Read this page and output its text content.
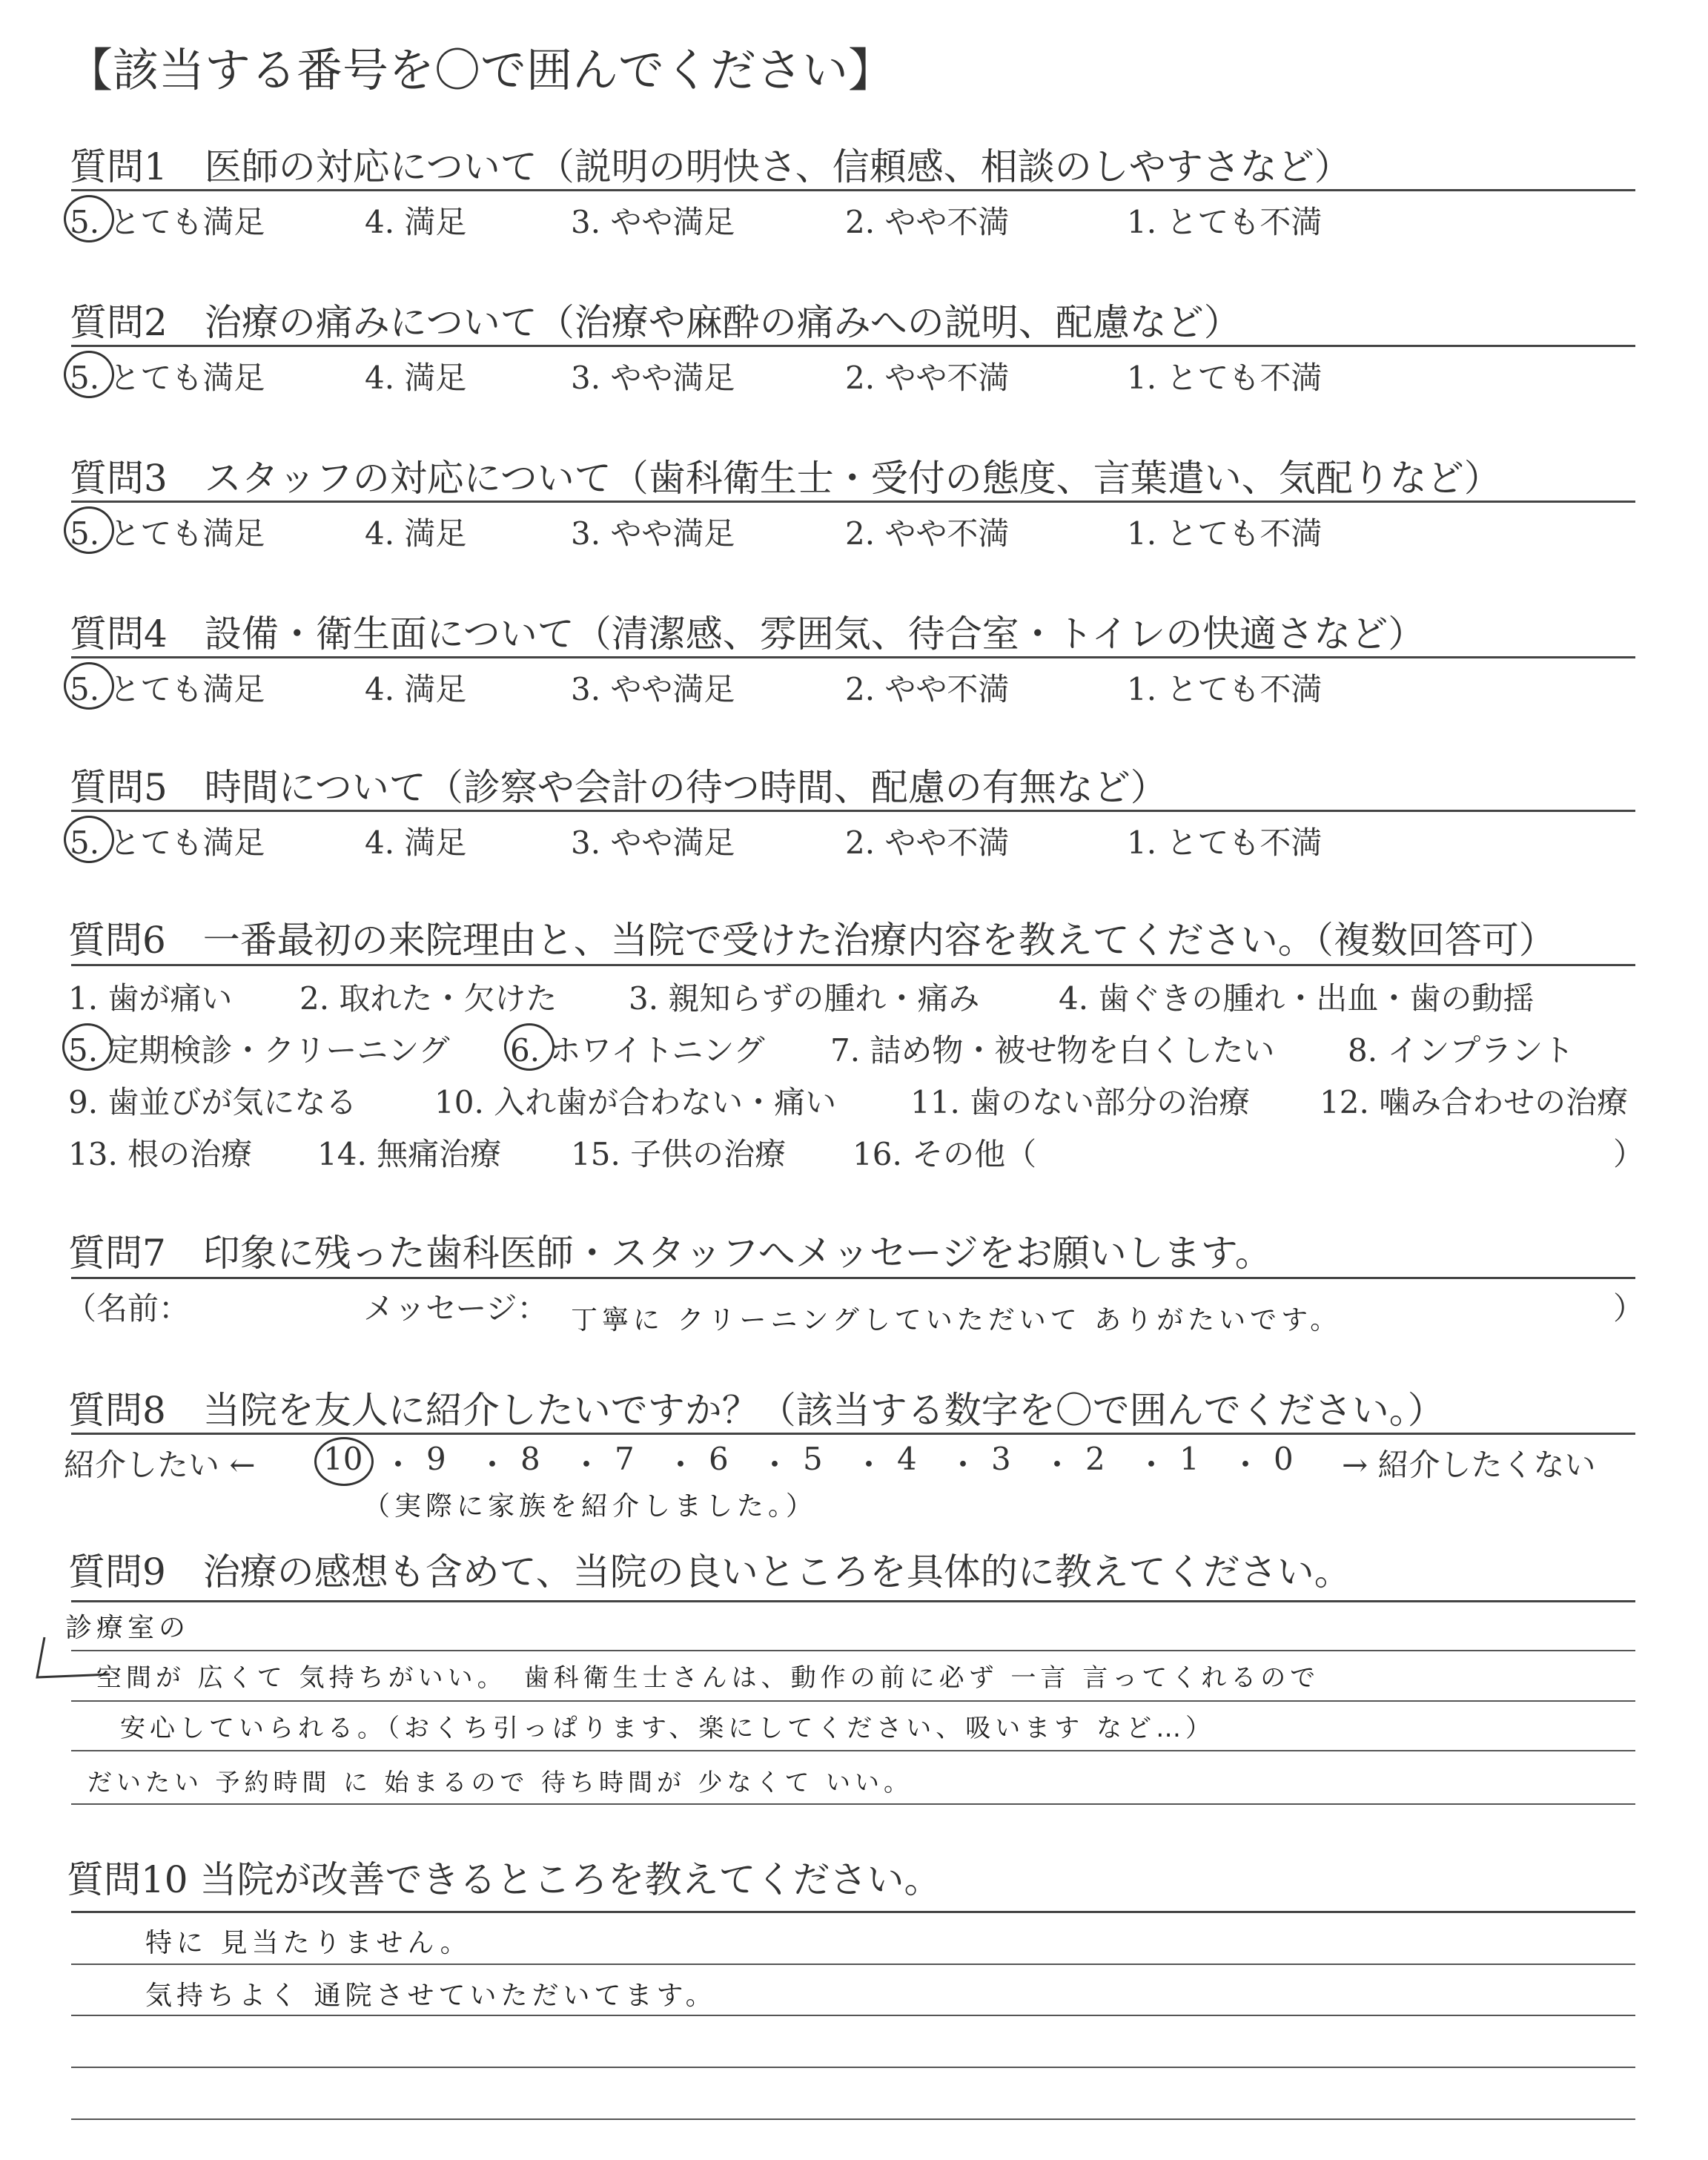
【該当する番号を〇で囲んでください】
質問1　医師の対応について（説明の明快さ、信頼感、相談のしやすさなど）
5. とても満足	4. 満足	3. やや満足	2. やや不満	1. とても不満
質問2　治療の痛みについて（治療や麻酔の痛みへの説明、配慮など）
5. とても満足	4. 満足	3. やや満足	2. やや不満	1. とても不満
質問3　スタッフの対応について（歯科衛生士・受付の態度、言葉遣い、気配りなど）
5. とても満足	4. 満足	3. やや満足	2. やや不満	1. とても不満
質問4　設備・衛生面について（清潔感、雰囲気、待合室・トイレの快適さなど）
5. とても満足	4. 満足	3. やや満足	2. やや不満	1. とても不満
質問5　時間について（診察や会計の待つ時間、配慮の有無など）
5. とても満足	4. 満足	3. やや満足	2. やや不満	1. とても不満
質問6　一番最初の来院理由と、当院で受けた治療内容を教えてください。（複数回答可）
1. 歯が痛い 2. 取れた・欠けた 3. 親知らずの腫れ・痛み	4. 歯ぐきの腫れ・出血・歯の動揺
5. 定期検診・クリーニング 6. ホワイトニング 7. 詰め物・被せ物を白くしたい 8. インプラント
9. 歯並びが気になる 10. 入れ歯が合わない・痛い 11. 歯のない部分の治療 12. 噛み合わせの治療
13. 根の治療 14. 無痛治療 15. 子供の治療 16. その他（	）
質問7　印象に残った歯科医師・スタッフへメッセージをお願いします。
（名前：	メッセージ： 丁寧に クリーニングしていただいて ありがたいです。	）
質問8　当院を友人に紹介したいですか？（該当する数字を〇で囲んでください。）
紹介したい ← 10 ・ 9 ・ 8 ・ 7 ・ 6 ・ 5 ・ 4 ・ 3 ・ 2 ・ 1 ・ 0 → 紹介したくない
（実際に家族を紹介しました。）
質問9　治療の感想も含めて、当院の良いところを具体的に教えてください。
診療室の
空間が 広くて 気持ちがいい。　歯科衛生士さんは、動作の前に必ず 一言 言ってくれるので
安心していられる。（おくち引っぱります、楽にしてください、吸います など…）
だいたい 予約時間 に 始まるので 待ち時間が 少なくて いい。
質問10 当院が改善できるところを教えてください。
特に 見当たりません。
気持ちよく 通院させていただいてます。
